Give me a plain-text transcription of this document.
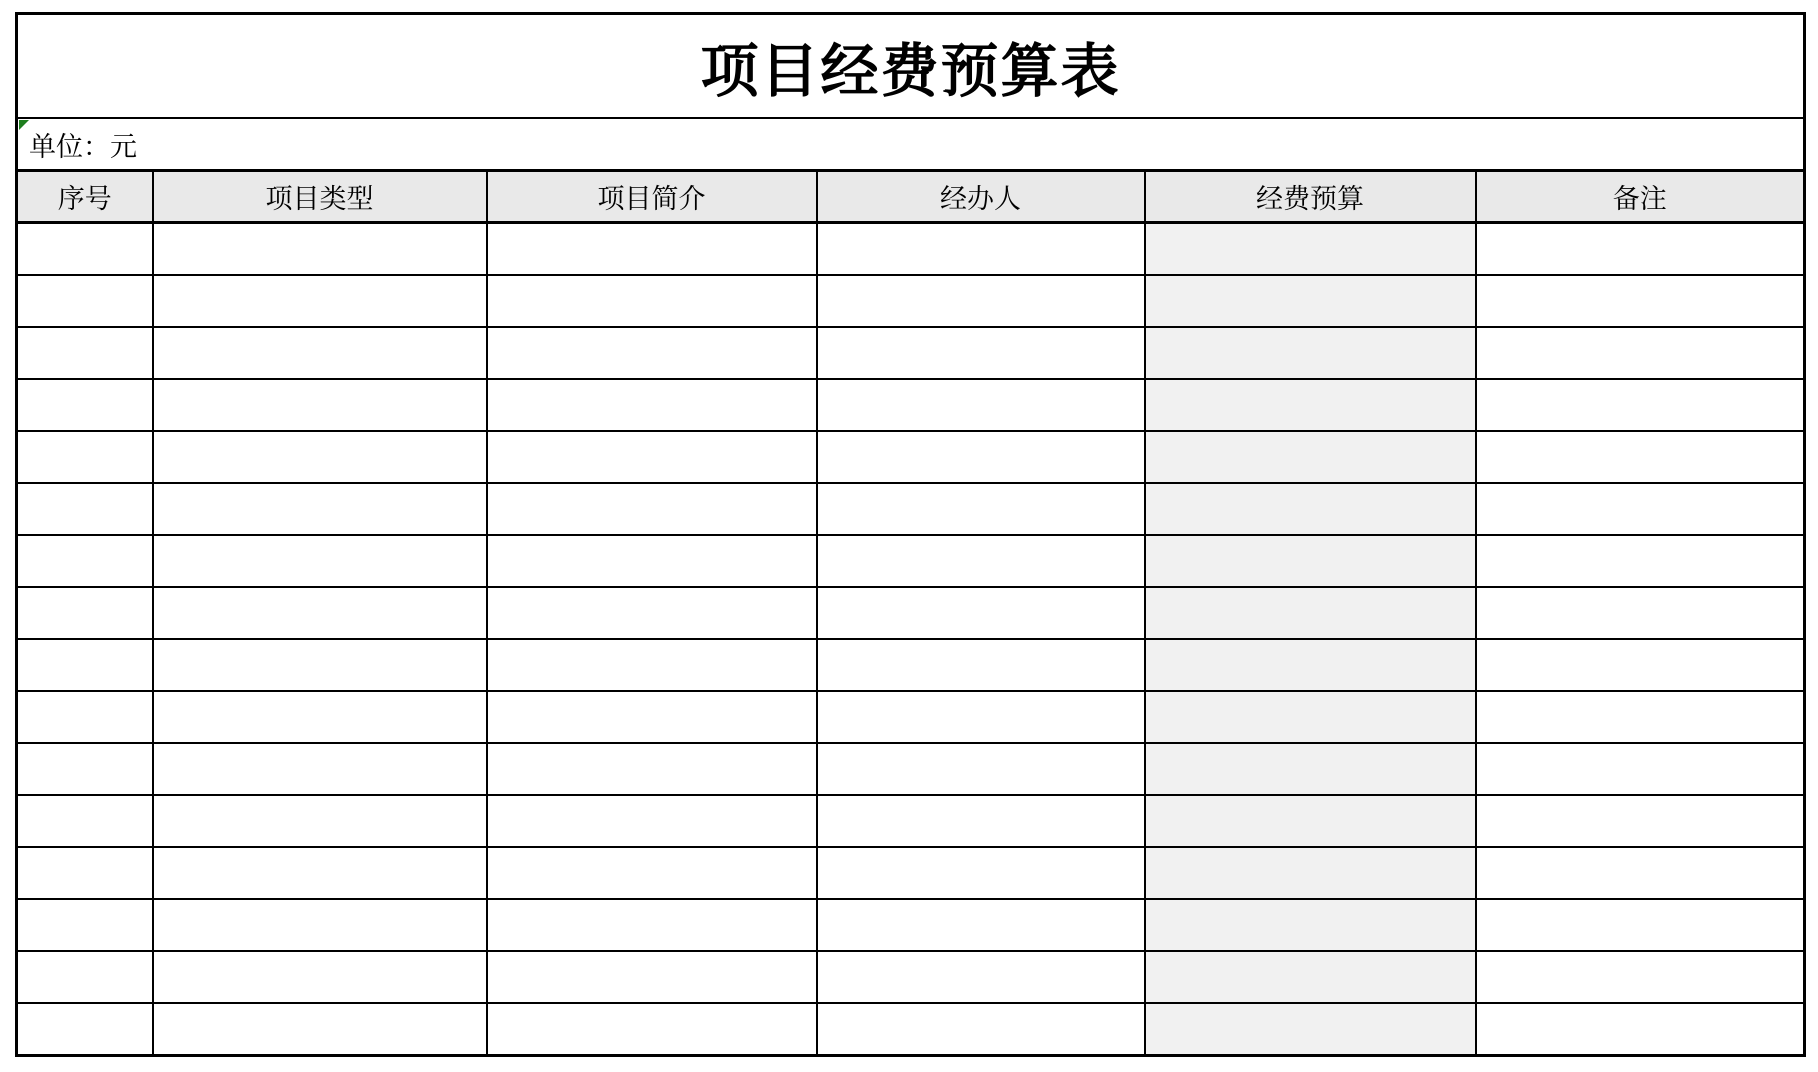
项目经费预算表					

单位：元					
序号	项目类型	项目简介	经办人	经费预算	备注
